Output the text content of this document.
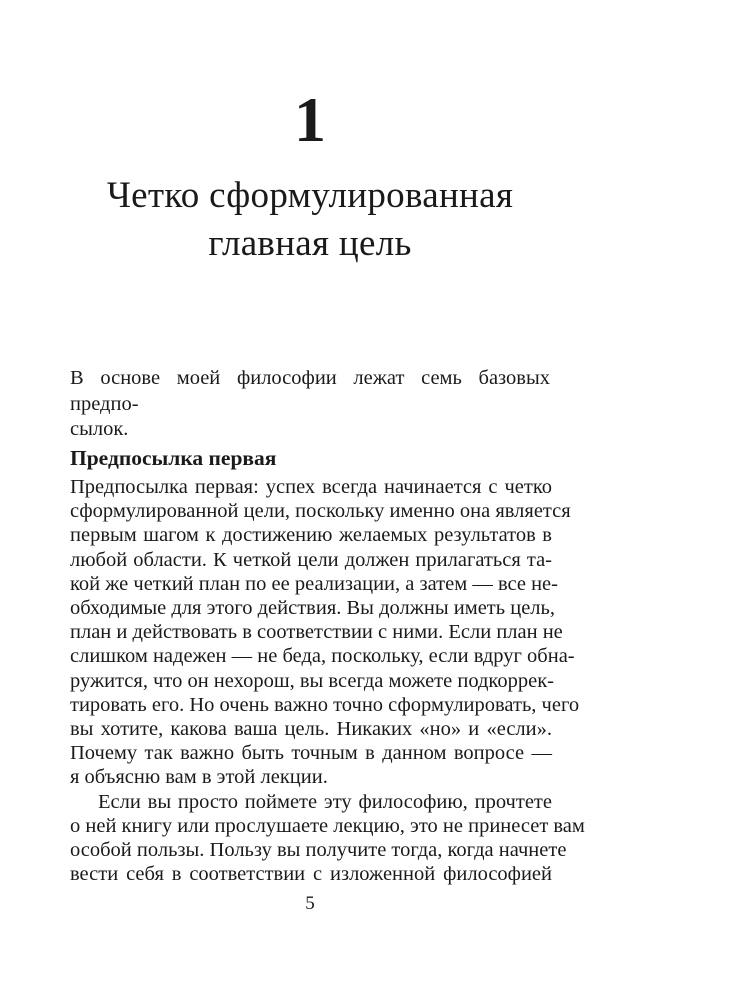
1
Четко сформулированная
главная цель
В основе моей философии лежат семь базовых предпо-
сылок.
Предпосылка первая
Предпосылка первая: успех всегда начинается с четко
сформулированной цели, поскольку именно она является
первым шагом к достижению желаемых результатов в
любой области. К четкой цели должен прилагаться та-
кой же четкий план по ее реализации, а затем — все не-
обходимые для этого действия. Вы должны иметь цель,
план и действовать в соответствии с ними. Если план не
слишком надежен — не беда, поскольку, если вдруг обна-
ружится, что он нехорош, вы всегда можете подкоррек-
тировать его. Но очень важно точно сформулировать, чего
вы хотите, какова ваша цель. Никаких «но» и «если».
Почему так важно быть точным в данном вопросе —
я объясню вам в этой лекции.
Если вы просто поймете эту философию, прочтете
о ней книгу или прослушаете лекцию, это не принесет вам
особой пользы. Пользу вы получите тогда, когда начнете
вести себя в соответствии с изложенной философией
5
